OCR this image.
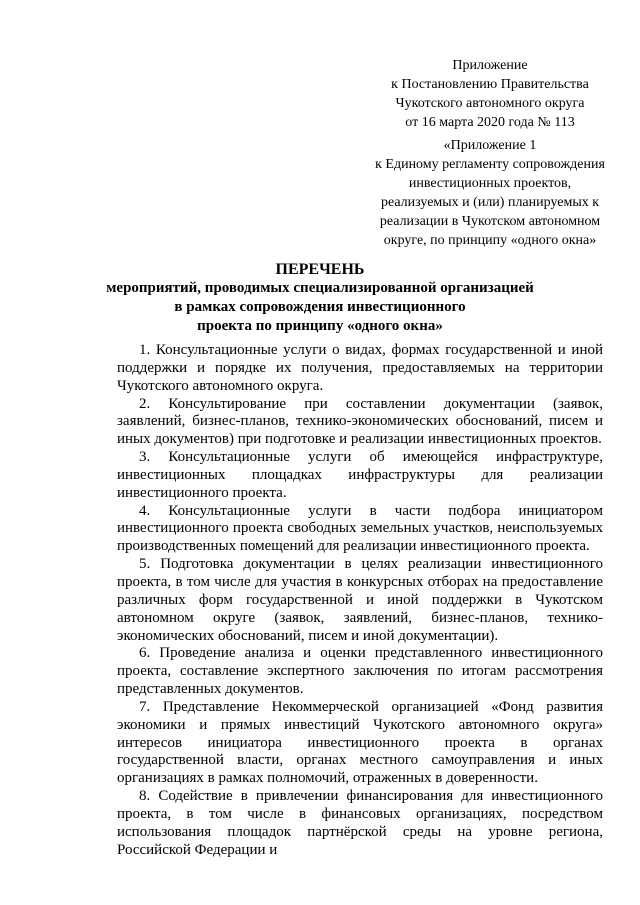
Приложение
к Постановлению Правительства
Чукотского автономного округа
от 16 марта 2020 года № 113
«Приложение 1
к Единому регламенту сопровождения
инвестиционных проектов,
реализуемых и (или) планируемых к
реализации в Чукотском автономном
округе, по принципу «одного окна»
ПЕРЕЧЕНЬ
мероприятий, проводимых специализированной организацией
в рамках сопровождения инвестиционного
проекта по принципу «одного окна»

1. Консультационные услуги о видах, формах государственной и иной поддержки и порядке их получения, предоставляемых на территории Чукотского автономного округа.

2. Консультирование при составлении документации (заявок, заявлений, бизнес-планов, технико-экономических обоснований, писем и иных документов) при подготовке и реализации инвестиционных проектов.

3. Консультационные услуги об имеющейся инфраструктуре, инвестиционных площадках инфраструктуры для реализации инвестиционного проекта.

4. Консультационные услуги в части подбора инициатором инвестиционного проекта свободных земельных участков, неиспользуемых производственных помещений для реализации инвестиционного проекта.

5. Подготовка документации в целях реализации инвестиционного проекта, в том числе для участия в конкурсных отборах на предоставление различных форм государственной и иной поддержки в Чукотском автономном округе (заявок, заявлений, бизнес-планов, технико-экономических обоснований, писем и иной документации).

6. Проведение анализа и оценки представленного инвестиционного проекта, составление экспертного заключения по итогам рассмотрения представленных документов.

7. Представление Некоммерческой организацией «Фонд развития экономики и прямых инвестиций Чукотского автономного округа» интересов инициатора инвестиционного проекта в органах государственной власти, органах местного самоуправления и иных организациях в рамках полномочий, отраженных в доверенности.

8. Содействие в привлечении финансирования для инвестиционного проекта, в том числе в финансовых организациях, посредством использования площадок партнёрской среды на уровне региона, Российской Федерации и
